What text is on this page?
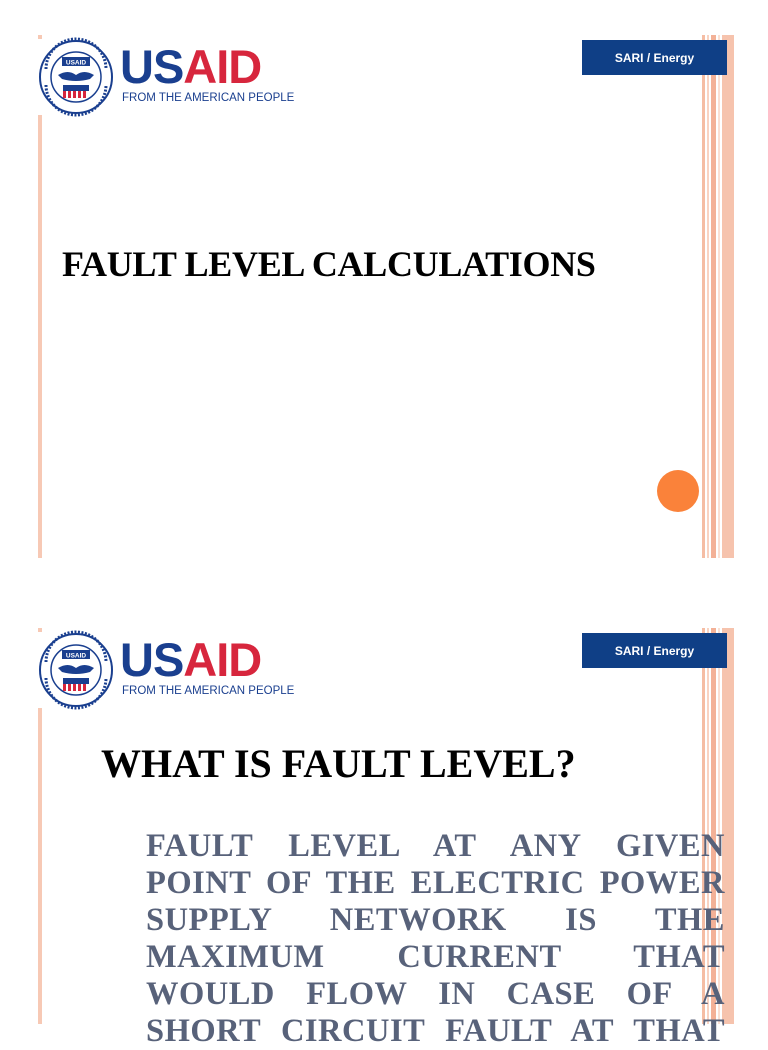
USAID USAID
FROM THE AMERICAN PEOPLE
SARI / Energy
FAULT LEVEL CALCULATIONS
USAID USAID
FROM THE AMERICAN PEOPLE
SARI / Energy
WHAT IS FAULT LEVEL?
FAULT LEVEL AT ANY GIVEN
POINT OF THE ELECTRIC POWER
SUPPLY NETWORK IS THE
MAXIMUM CURRENT THAT
WOULD FLOW IN CASE OF A
SHORT CIRCUIT FAULT AT THAT
